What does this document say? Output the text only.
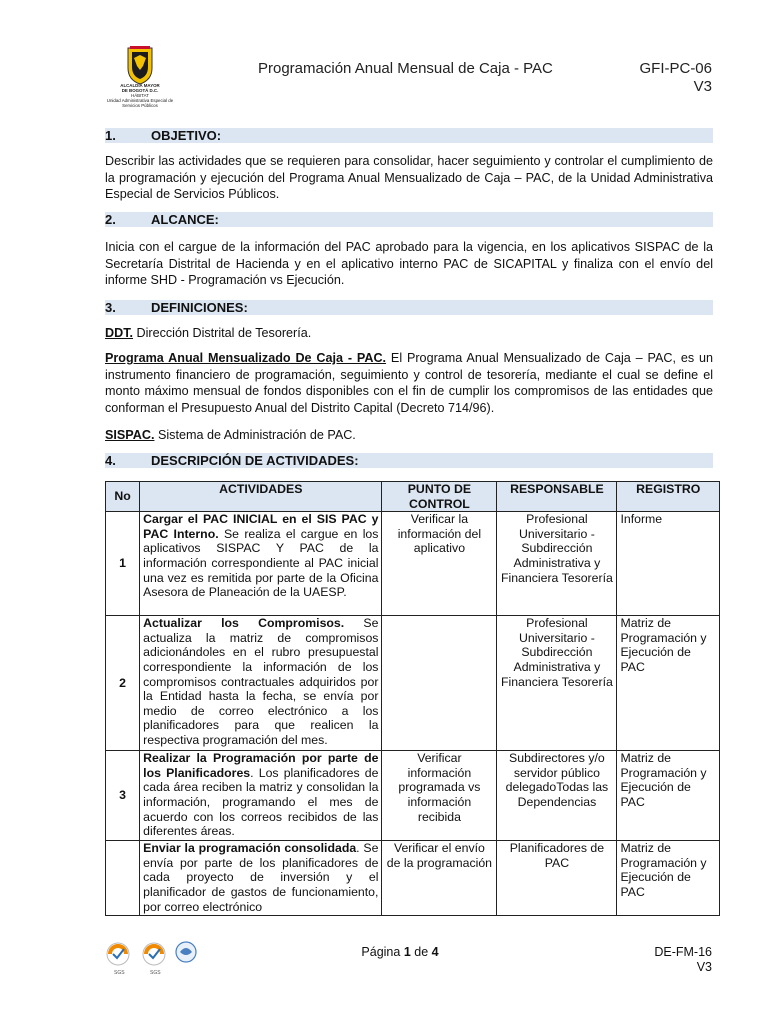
ALCALDÍA MAYOR
DE BOGOTÁ D.C.
HÁBITAT
Unidad Administrativa Especial de
Servicios Públicos
Programación Anual Mensual de Caja - PAC	GFI-PC-06
V3
1.	OBJETIVO:
Describir las actividades que se requieren para consolidar, hacer seguimiento y controlar el cumplimiento de la programación y ejecución del Programa Anual Mensualizado de Caja – PAC, de la Unidad Administrativa Especial de Servicios Públicos.
2.	ALCANCE:
Inicia con el cargue de la información del PAC aprobado para la vigencia, en los aplicativos SISPAC de la Secretaría Distrital de Hacienda y en el aplicativo interno PAC de SICAPITAL y finaliza con el envío del informe SHD - Programación vs Ejecución.
3.	DEFINICIONES:
DDT. Dirección Distrital de Tesorería.
Programa Anual Mensualizado De Caja - PAC. El Programa Anual Mensualizado de Caja – PAC, es un instrumento financiero de programación, seguimiento y control de tesorería, mediante el cual se define el monto máximo mensual de fondos disponibles con el fin de cumplir los compromisos de las entidades que conforman el Presupuesto Anual del Distrito Capital (Decreto 714/96).
SISPAC. Sistema de Administración de PAC.
4.	DESCRIPCIÓN DE ACTIVIDADES:
No	ACTIVIDADES	PUNTO DE CONTROL	RESPONSABLE	REGISTRO
1	Cargar el PAC INICIAL en el SIS PAC y PAC Interno. Se realiza el cargue en los aplicativos SISPAC Y PAC de la información correspondiente al PAC inicial una vez es remitida por parte de la Oficina Asesora de Planeación de la UAESP.	Verificar la información del aplicativo	Profesional Universitario - Subdirección Administrativa y Financiera Tesorería	Informe
2	Actualizar los Compromisos. Se actualiza la matriz de compromisos adicionándoles en el rubro presupuestal correspondiente la información de los compromisos contractuales adquiridos por la Entidad hasta la fecha, se envía por medio de correo electrónico a los planificadores para que realicen la respectiva programación del mes.		Profesional Universitario - Subdirección Administrativa y Financiera Tesorería	Matriz de Programación y Ejecución de PAC
3	Realizar la Programación por parte de los Planificadores. Los planificadores de cada área reciben la matriz y consolidan la información, programando el mes de acuerdo con los correos recibidos de las diferentes áreas.	Verificar información programada vs información recibida	Subdirectores y/o servidor público delegadoTodas las Dependencias	Matriz de Programación y Ejecución de PAC
	Enviar la programación consolidada. Se envía por parte de los planificadores de cada proyecto de inversión y el planificador de gastos de funcionamiento, por correo electrónico	Verificar el envío de la programación	Planificadores de PAC	Matriz de Programación y Ejecución de PAC
SGS	SGS
Página 1 de 4	DE-FM-16
V3
